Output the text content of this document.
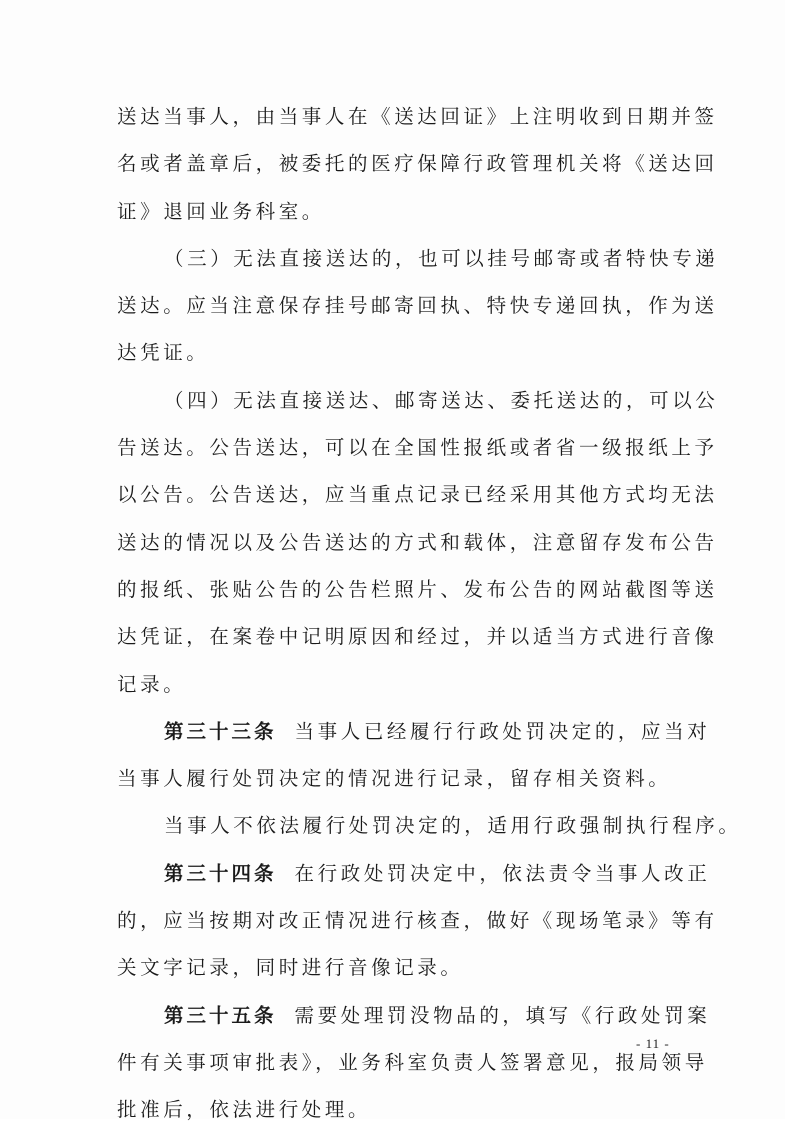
送达当事人，由当事人在《送达回证》上注明收到日期并签
名或者盖章后，被委托的医疗保障行政管理机关将《送达回
证》退回业务科室。
（三）无法直接送达的，也可以挂号邮寄或者特快专递
送达。应当注意保存挂号邮寄回执、特快专递回执，作为送
达凭证。
（四）无法直接送达、邮寄送达、委托送达的，可以公
告送达。公告送达，可以在全国性报纸或者省一级报纸上予
以公告。公告送达，应当重点记录已经采用其他方式均无法
送达的情况以及公告送达的方式和载体，注意留存发布公告
的报纸、张贴公告的公告栏照片、发布公告的网站截图等送
达凭证，在案卷中记明原因和经过，并以适当方式进行音像
记录。
第三十三条 当事人已经履行行政处罚决定的，应当对
当事人履行处罚决定的情况进行记录，留存相关资料。
当事人不依法履行处罚决定的，适用行政强制执行程序。
第三十四条 在行政处罚决定中，依法责令当事人改正
的，应当按期对改正情况进行核查，做好《现场笔录》等有
关文字记录，同时进行音像记录。
第三十五条 需要处理罚没物品的，填写《行政处罚案
件有关事项审批表》，业务科室负责人签署意见，报局领导
批准后，依法进行处理。
- 11 -
